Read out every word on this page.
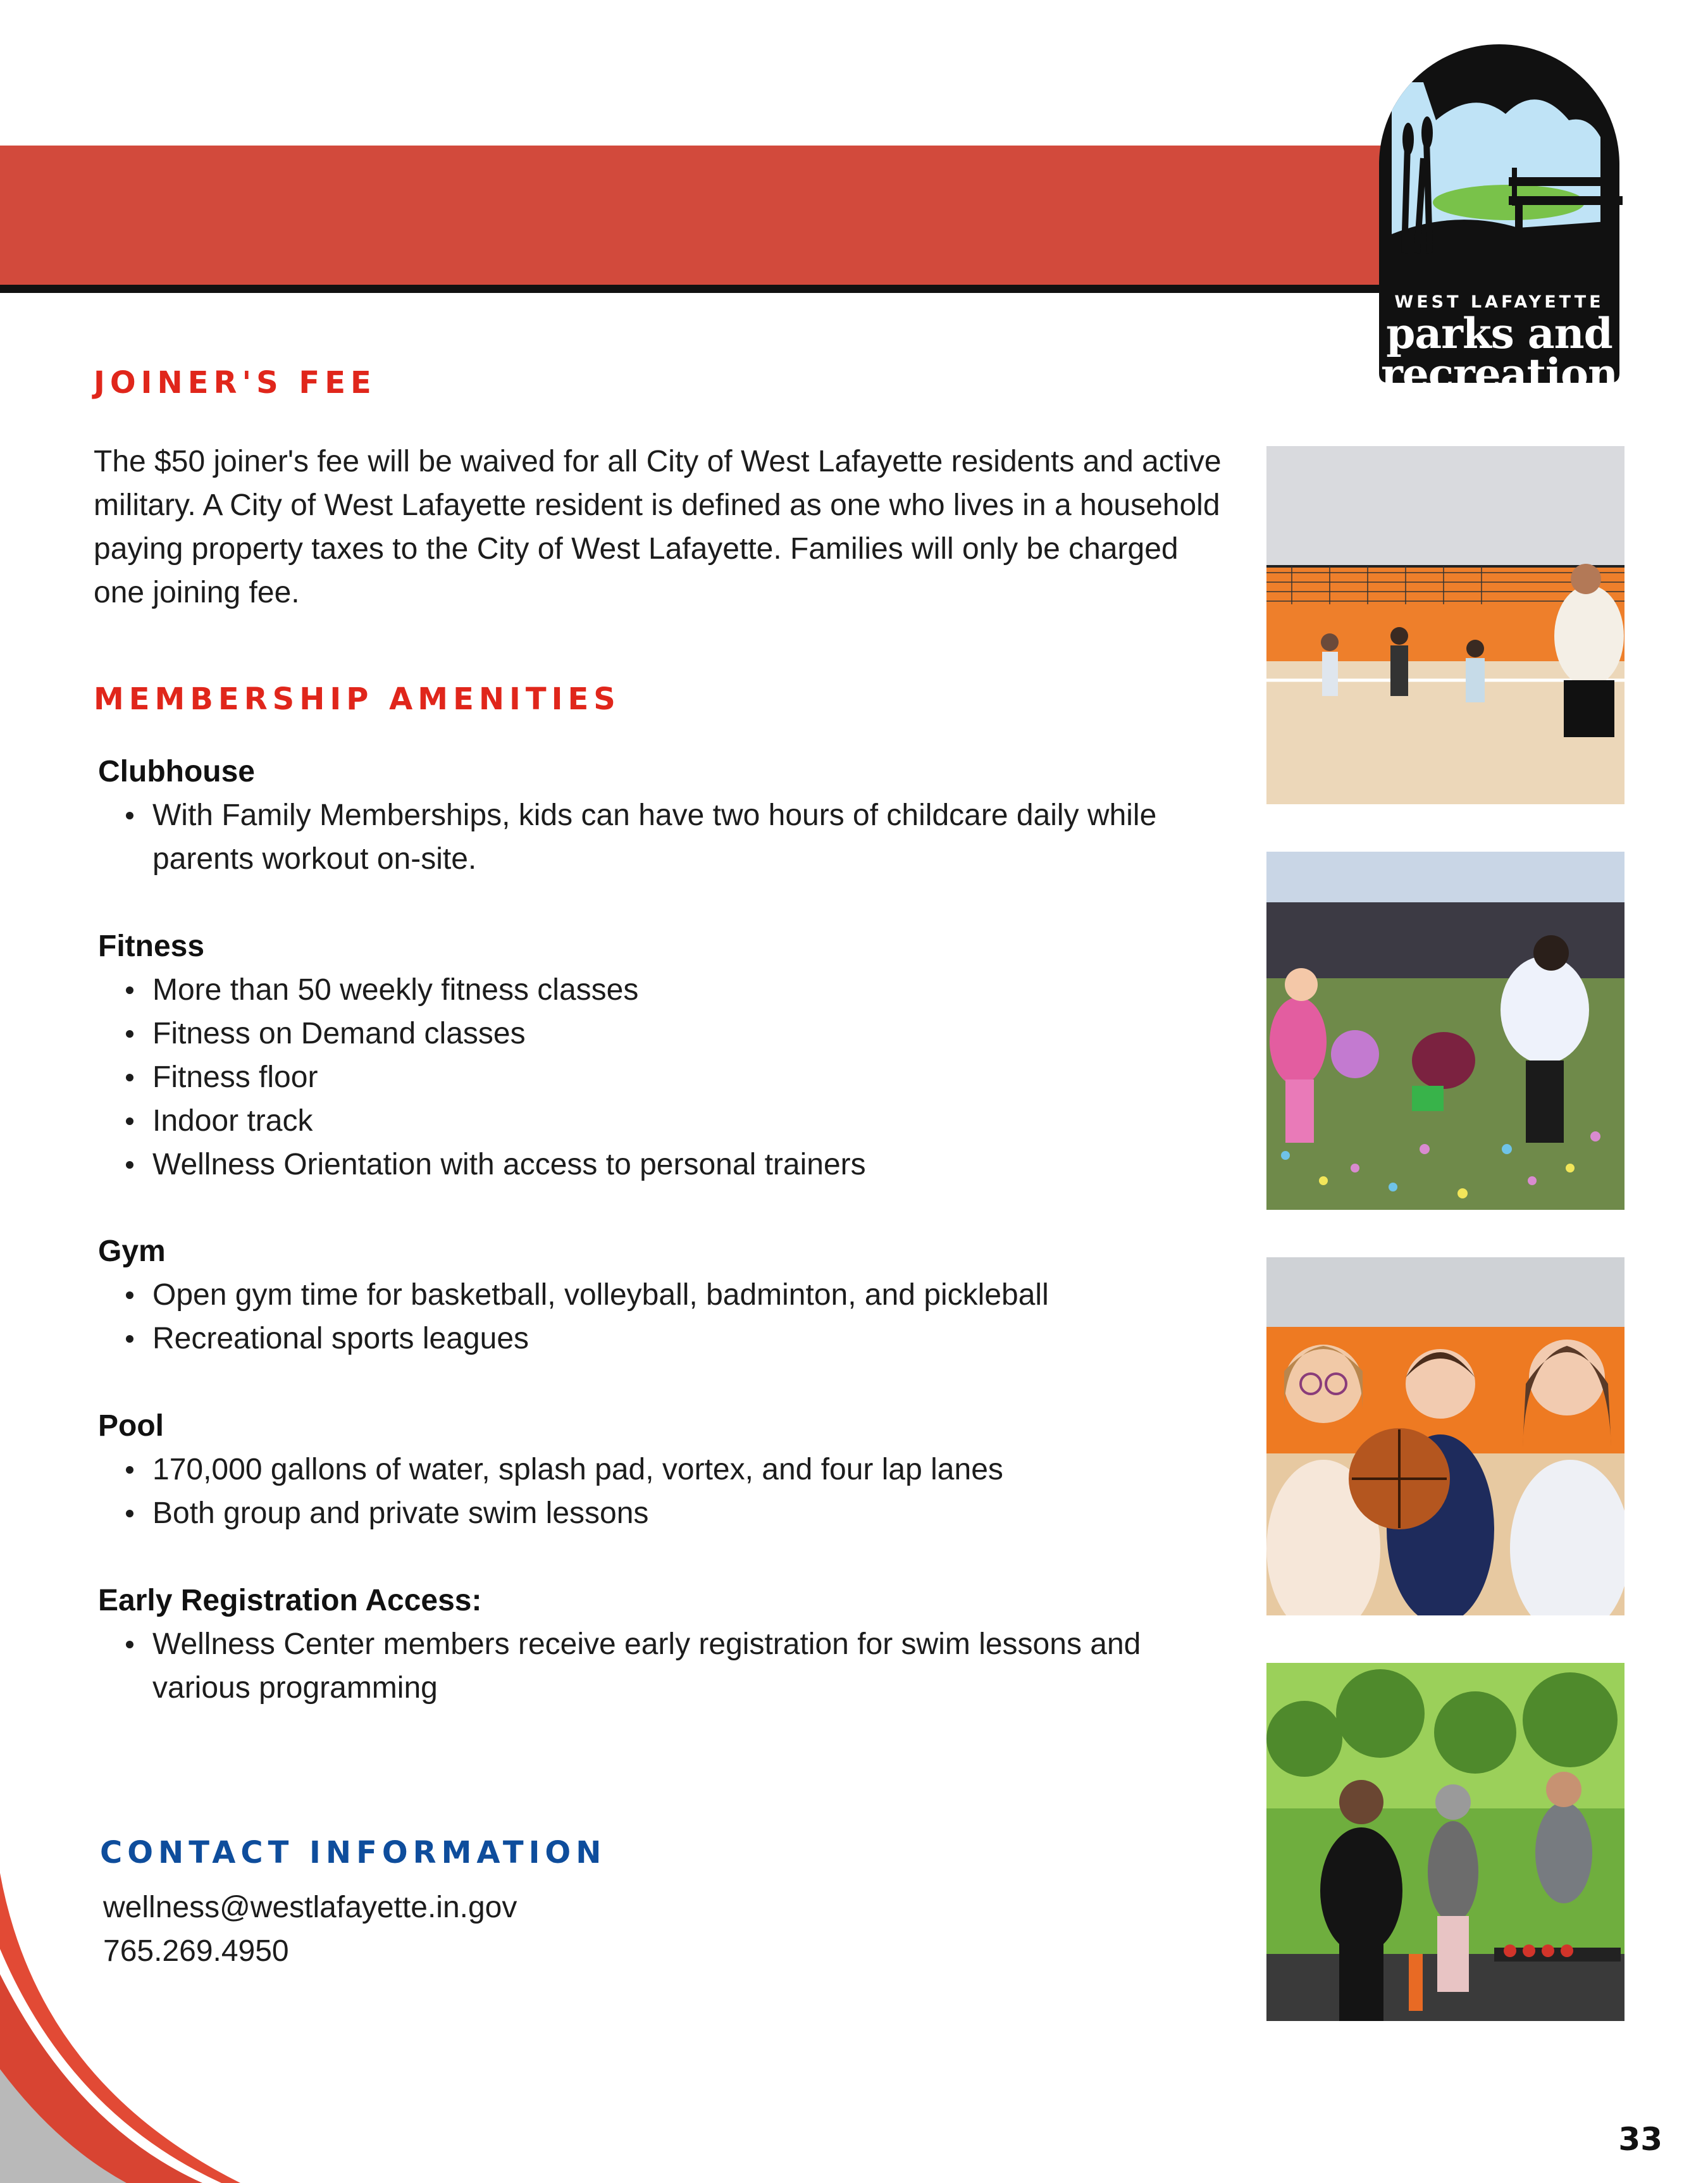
WEST LAFAYETTE
parks and
recreation
JOINER'S FEE
The $50 joiner's fee will be waived for all City of West Lafayette residents and active military. A City of West Lafayette resident is defined as one who lives in a household paying property taxes to the City of West Lafayette. Families will only be charged one joining fee.
MEMBERSHIP AMENITIES
Clubhouse
With Family Memberships, kids can have two hours of childcare daily while parents workout on-site.
Fitness
More than 50 weekly fitness classes
Fitness on Demand classes
Fitness floor
Indoor track
Wellness Orientation with access to personal trainers
Gym
Open gym time for basketball, volleyball, badminton, and pickleball
Recreational sports leagues
Pool
170,000 gallons of water, splash pad, vortex, and four lap lanes
Both group and private swim lessons
Early Registration Access:
Wellness Center members receive early registration for swim lessons and various programming
CONTACT INFORMATION
wellness@westlafayette.in.gov
765.269.4950
33
